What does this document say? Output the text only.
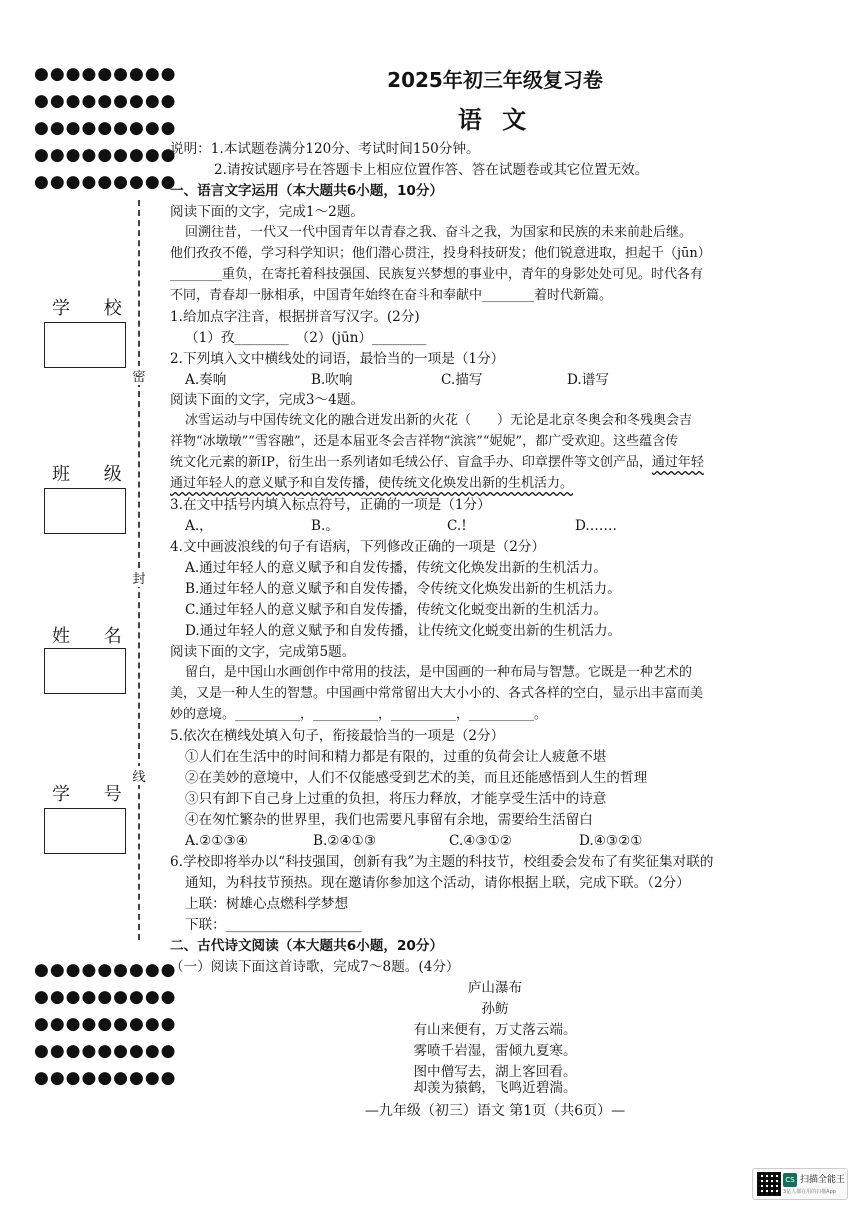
●●●●●●●●●
●●●●●●●●●
●●●●●●●●●
●●●●●●●●●
●●●●●●●●●
密
封
线
学 校
班 级
姓 名
学 号
●●●●●●●●●
●●●●●●●●●
●●●●●●●●●
●●●●●●●●●
●●●●●●●●●
2025年初三年级复习卷
语 文
说明：1.本试题卷满分120分、考试时间150分钟。
2.请按试题序号在答题卡上相应位置作答、答在试题卷或其它位置无效。
一、语言文字运用（本大题共6小题，10分）
阅读下面的文字，完成1～2题。
回溯往昔，一代又一代中国青年以青春之我、奋斗之我，为国家和民族的未来前赴后继。
他们孜孜不倦，学习科学知识；他们潜心贯注，投身科技研发；他们锐意进取，担起千（jūn）
________重负，在寄托着科技强国、民族复兴梦想的事业中，青年的身影处处可见。时代各有
不同，青春却一脉相承，中国青年始终在奋斗和奉献中________着时代新篇。
1.给加点字注音，根据拼音写汉字。(2分)
（1）孜________　（2）(jūn）________
2.下列填入文中横线处的词语，最恰当的一项是（1分）
A.奏响	B.吹响	C.描写	D.谱写
阅读下面的文字，完成3～4题。
冰雪运动与中国传统文化的融合迸发出新的火花（　　）无论是北京冬奥会和冬残奥会吉
祥物“冰墩墩”“雪容融”，还是本届亚冬会吉祥物“滨滨”“妮妮”，都广受欢迎。这些蕴含传
统文化元素的新IP，衍生出一系列诸如毛绒公仔、盲盒手办、印章摆件等文创产品，通过年轻
通过年轻人的意义赋予和自发传播，使传统文化焕发出新的生机活力。
3.在文中括号内填入标点符号，正确的一项是（1分）
A.，	B.。	C.!	D.……
4.文中画波浪线的句子有语病，下列修改正确的一项是（2分）
A.通过年轻人的意义赋予和自发传播，传统文化焕发出新的生机活力。
B.通过年轻人的意义赋予和自发传播，令传统文化焕发出新的生机活力。
C.通过年轻人的意义赋予和自发传播，传统文化蜕变出新的生机活力。
D.通过年轻人的意义赋予和自发传播，让传统文化蜕变出新的生机活力。
阅读下面的文字，完成第5题。
留白，是中国山水画创作中常用的技法，是中国画的一种布局与智慧。它既是一种艺术的
美，又是一种人生的智慧。中国画中常常留出大大小小的、各式各样的空白，显示出丰富而美
妙的意境。__________，__________，__________，__________。
5.依次在横线处填入句子，衔接最恰当的一项是（2分）
①人们在生活中的时间和精力都是有限的，过重的负荷会让人疲惫不堪
②在美妙的意境中，人们不仅能感受到艺术的美，而且还能感悟到人生的哲理
③只有卸下自己身上过重的负担，将压力释放，才能享受生活中的诗意
④在匆忙繁杂的世界里，我们也需要凡事留有余地，需要给生活留白
A.②①③④	B.②④①③	C.④③①②	D.④③②①
6.学校即将举办以“科技强国，创新有我”为主题的科技节，校组委会发布了有奖征集对联的
通知，为科技节预热。现在邀请你参加这个活动，请你根据上联，完成下联。（2分）
上联：树雄心点燃科学梦想
下联：____________________
二、古代诗文阅读（本大题共6小题，20分）
（一）阅读下面这首诗歌，完成7～8题。(4分）
庐山瀑布
孙鲂
有山来便有，万丈落云端。
雾喷千岩湿，雷倾九夏寒。
图中僧写去，湖上客回看。
却羡为猿鹤，飞鸣近碧湍。
—九年级（初三）语文 第1页（共6页）—
CS 扫描全能王
3亿人都在用的扫描App
